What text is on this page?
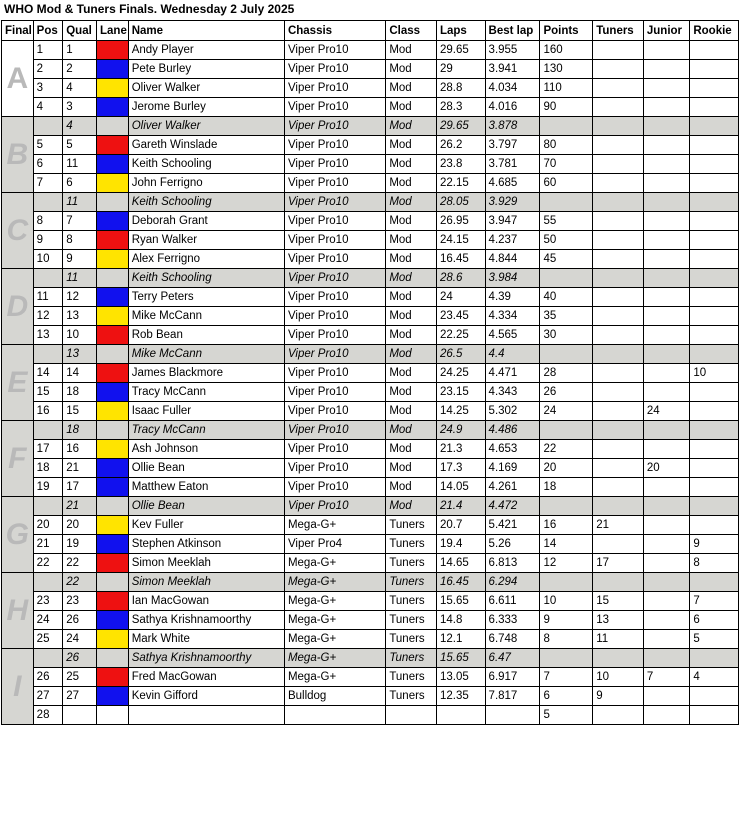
WHO Mod & Tuners Finals. Wednesday 2 July 2025
Final	Pos	Qual	Lane	Name	Chassis	Class	Laps	Best lap	Points	Tuners	Junior	Rookie
A	1	1		Andy Player	Viper Pro10	Mod	29.65	3.955	160			
	2	2		Pete Burley	Viper Pro10	Mod	29	3.941	130			
	3	4		Oliver Walker	Viper Pro10	Mod	28.8	4.034	110			
	4	3		Jerome Burley	Viper Pro10	Mod	28.3	4.016	90			
B		4		Oliver Walker	Viper Pro10	Mod	29.65	3.878				
	5	5		Gareth Winslade	Viper Pro10	Mod	26.2	3.797	80			
	6	11		Keith Schooling	Viper Pro10	Mod	23.8	3.781	70			
	7	6		John Ferrigno	Viper Pro10	Mod	22.15	4.685	60			
C		11		Keith Schooling	Viper Pro10	Mod	28.05	3.929				
	8	7		Deborah Grant	Viper Pro10	Mod	26.95	3.947	55			
	9	8		Ryan Walker	Viper Pro10	Mod	24.15	4.237	50			
	10	9		Alex Ferrigno	Viper Pro10	Mod	16.45	4.844	45			
D		11		Keith Schooling	Viper Pro10	Mod	28.6	3.984				
	11	12		Terry Peters	Viper Pro10	Mod	24	4.39	40			
	12	13		Mike McCann	Viper Pro10	Mod	23.45	4.334	35			
	13	10		Rob Bean	Viper Pro10	Mod	22.25	4.565	30			
E		13		Mike McCann	Viper Pro10	Mod	26.5	4.4				
	14	14		James Blackmore	Viper Pro10	Mod	24.25	4.471	28			10
	15	18		Tracy McCann	Viper Pro10	Mod	23.15	4.343	26			
	16	15		Isaac Fuller	Viper Pro10	Mod	14.25	5.302	24		24	
F		18		Tracy McCann	Viper Pro10	Mod	24.9	4.486				
	17	16		Ash Johnson	Viper Pro10	Mod	21.3	4.653	22			
	18	21		Ollie Bean	Viper Pro10	Mod	17.3	4.169	20		20	
	19	17		Matthew Eaton	Viper Pro10	Mod	14.05	4.261	18			
G		21		Ollie Bean	Viper Pro10	Mod	21.4	4.472				
	20	20		Kev Fuller	Mega-G+	Tuners	20.7	5.421	16	21		
	21	19		Stephen Atkinson	Viper Pro4	Tuners	19.4	5.26	14			9
	22	22		Simon Meeklah	Mega-G+	Tuners	14.65	6.813	12	17		8
H		22		Simon Meeklah	Mega-G+	Tuners	16.45	6.294				
	23	23		Ian MacGowan	Mega-G+	Tuners	15.65	6.611	10	15		7
	24	26		Sathya Krishnamoorthy	Mega-G+	Tuners	14.8	6.333	9	13		6
	25	24		Mark White	Mega-G+	Tuners	12.1	6.748	8	11		5
I		26		Sathya Krishnamoorthy	Mega-G+	Tuners	15.65	6.47				
	26	25		Fred MacGowan	Mega-G+	Tuners	13.05	6.917	7	10	7	4
	27	27		Kevin Gifford	Bulldog	Tuners	12.35	7.817	6	9		
	28								5			
